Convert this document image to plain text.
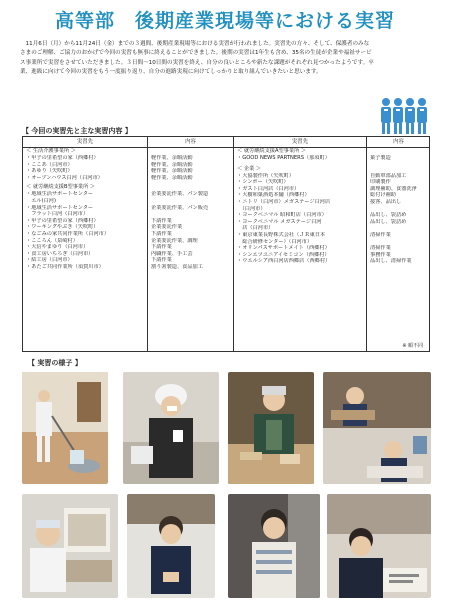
高等部　後期産業現場等における実習

　11月6日（月）から11月24日（金）までの３週間、後期産業現場等における実習が行われました。実習先の方々、そして、保護者のみなさまのご理解、ご協力のおかげで今回の実習も無事に終えることができました。後期の実習は1年生も含め、35名の生徒が企業や福祉サービス事業所で実習をさせていただきました。３日間～10日間の実習を終え、自分の良いところや新たな課題がそれぞれ見つかったようです。卒業、進級に向けて今回の実習をもう一度振り返り、自分の進路実現に向けてしっかりと取り組んでいきたいと思います。

【 今回の実習先と主な実習内容 】
実習先
＜ 生活介護事業所 ＞
・甲子の里希望の家（西郷村）
・ここあ（白河市）
・あゆり（矢吹町）
・オープンハウス白河（白河市）
＜ 就労継続支援B型事業所 ＞
・地域生活サポートセンター
　エル(白河)
・地域生活サポートセンター
　フラット白河（白河市）
・甲子の里希望の家（西郷村）
・ワーキングやぶき（矢吹町）
・なごみの家共同作業所（白河市）
・こころん（泉崎村）
・大信やまゆり（白河市）
・食工房いちろぎ（白河市）
・結工房（白河市）
・あたご共同作業所（須賀川市）
内容

軽作業、余暇活動
軽作業、余暇活動
軽作業、余暇活動
軽作業、余暇活動

企業委託作業、パン製造

企業委託作業、パン販売

下請作業
企業委託作業
下請作業
企業委託作業、調理
下請作業
内職作業、手工芸
下請作業
割り箸製造、食品加工
実習先
＜ 就労継続支援A型事業所 ＞
・GOOD NEWS PARTNERS（那須町）
＜ 企業 ＞
・大協製作所（矢吹町）
・シンポー（矢吹町）
・ガスト白河店（白河市）
・大樹和菓酒処本舗（西郷村）
・ニトリ（白河市）メガステージ白河店
　（白河市）
・ヨークベニマル 昭和町店（白河市）
・ヨークベニマル メガステージ白河
　店（白河市）
・東京東業長野株式会社（ＪＲ東日本
　総合研修センター）（白河市）
・オリンパスサポートメイト（西郷村）
・シンエツユニアイセミコン（西郷村）
・ウエルシア西白河店西郷店（西郷村）
内容

菓子製造

自動車部品加工
印刷製作
調理補助、食器洗浄
総付け補助
接客、品出し

品出し、袋詰め
品出し、袋詰め

清掃作業

清掃作業
事務作業
品出し、清掃作業
※ 順不同
【 実習の様子 】
